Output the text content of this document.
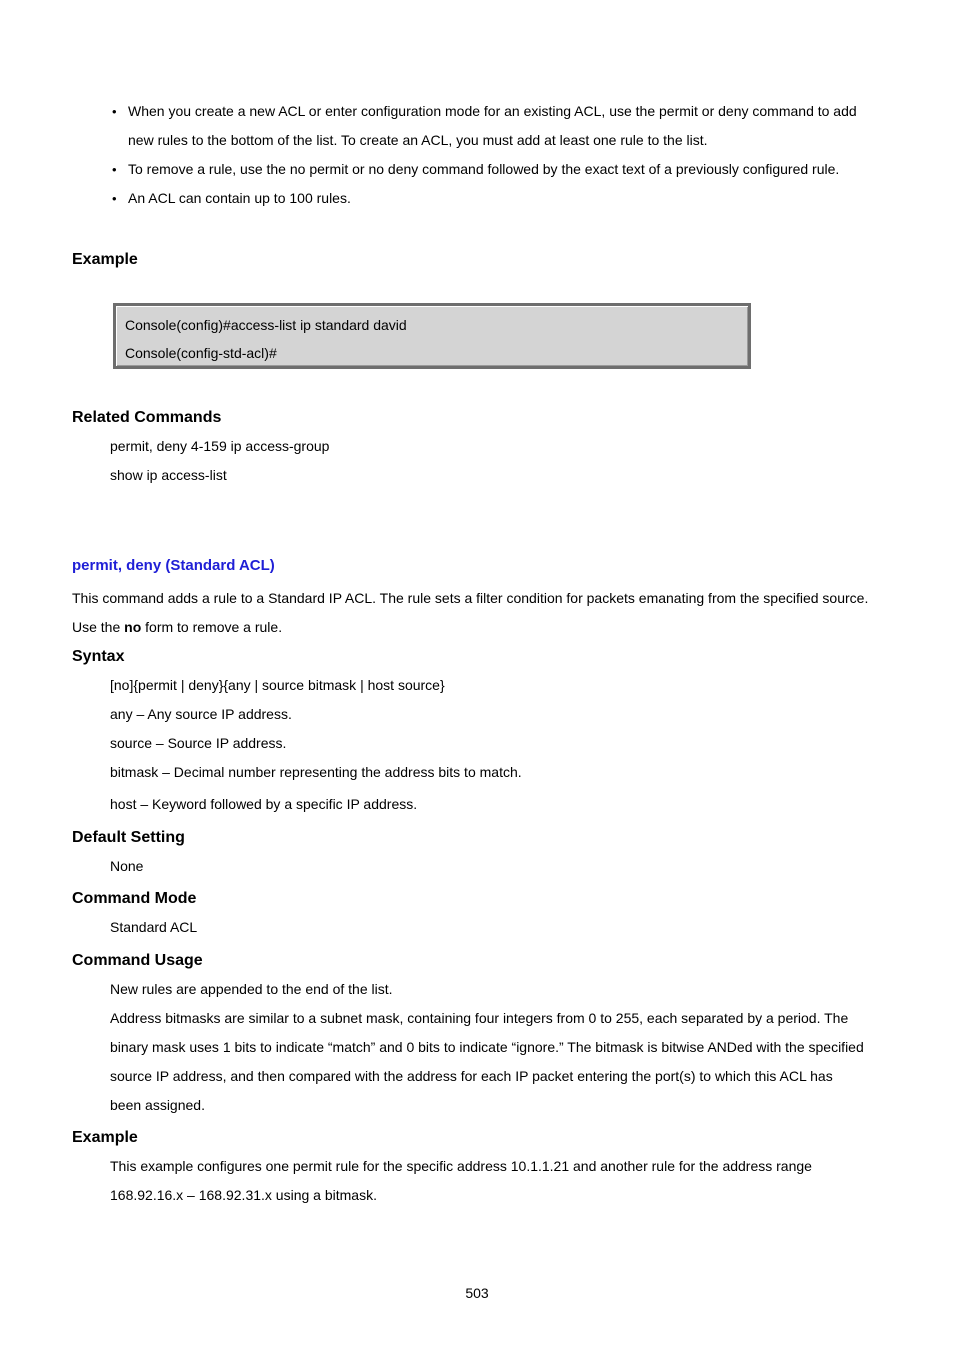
• When you create a new ACL or enter configuration mode for an existing ACL, use the permit or deny command to add
new rules to the bottom of the list. To create an ACL, you must add at least one rule to the list.
• To remove a rule, use the no permit or no deny command followed by the exact text of a previously configured rule.
• An ACL can contain up to 100 rules.
Example
Console(config)#access-list ip standard david
Console(config-std-acl)#
Related Commands
permit, deny 4-159 ip access-group
show ip access-list
permit, deny (Standard ACL)
This command adds a rule to a Standard IP ACL. The rule sets a filter condition for packets emanating from the specified source.
Use the no form to remove a rule.
Syntax
[no]{permit | deny}{any | source bitmask | host source}
any – Any source IP address.
source – Source IP address.
bitmask – Decimal number representing the address bits to match.
host – Keyword followed by a specific IP address.
Default Setting
None
Command Mode
Standard ACL
Command Usage
New rules are appended to the end of the list.
Address bitmasks are similar to a subnet mask, containing four integers from 0 to 255, each separated by a period. The
binary mask uses 1 bits to indicate “match” and 0 bits to indicate “ignore.” The bitmask is bitwise ANDed with the specified
source IP address, and then compared with the address for each IP packet entering the port(s) to which this ACL has
been assigned.
Example
This example configures one permit rule for the specific address 10.1.1.21 and another rule for the address range
168.92.16.x – 168.92.31.x using a bitmask.
503
